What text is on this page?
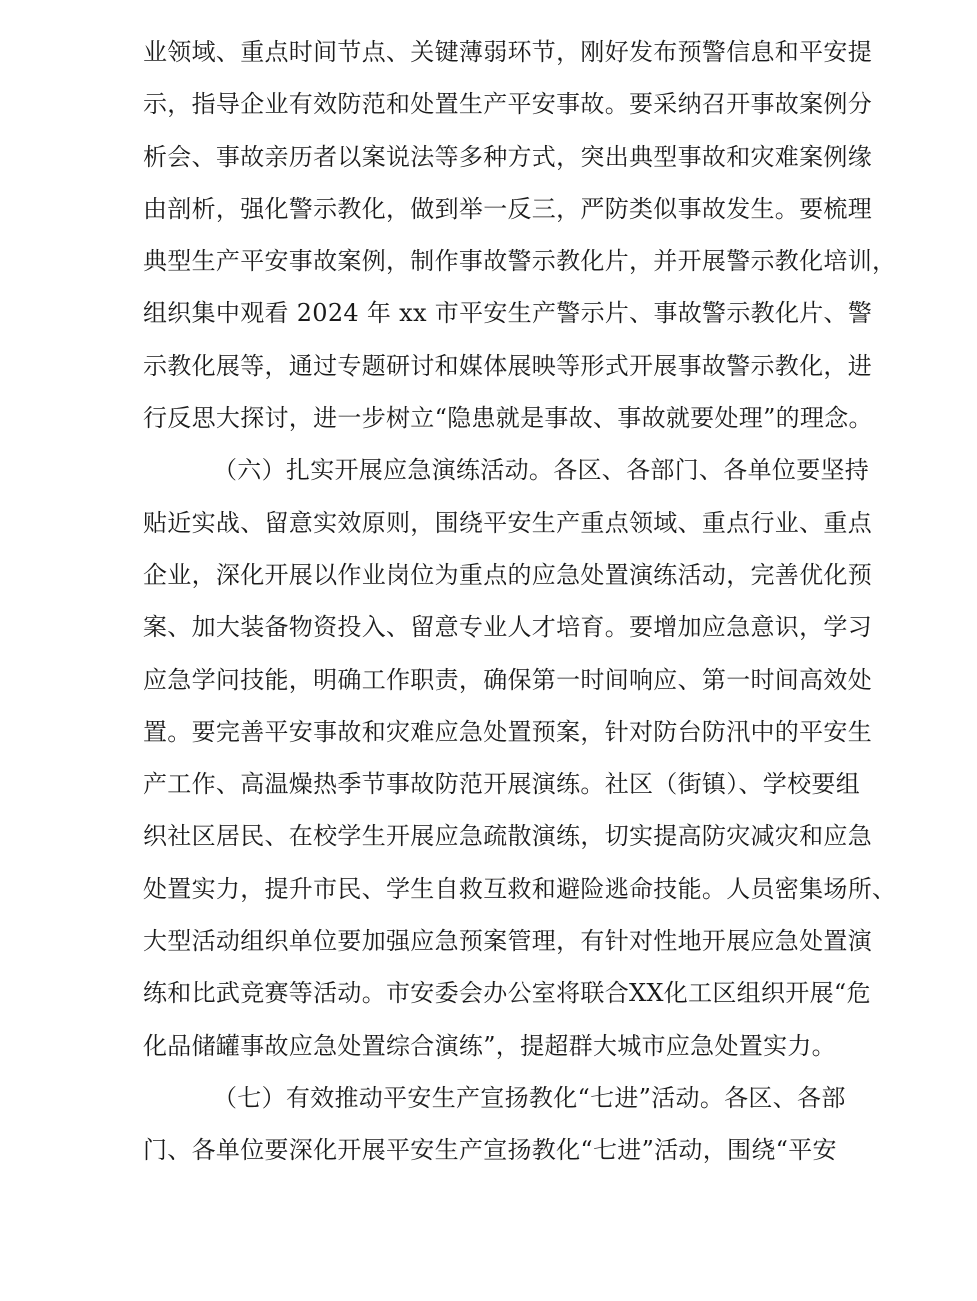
业领域、重点时间节点、关键薄弱环节，刚好发布预警信息和平安提
示，指导企业有效防范和处置生产平安事故。要采纳召开事故案例分
析会、事故亲历者以案说法等多种方式，突出典型事故和灾难案例缘
由剖析，强化警示教化，做到举一反三，严防类似事故发生。要梳理
典型生产平安事故案例，制作事故警示教化片，并开展警示教化培训，
组织集中观看 2024 年 xx 市平安生产警示片、事故警示教化片、警
示教化展等，通过专题研讨和媒体展映等形式开展事故警示教化，进
行反思大探讨，进一步树立“隐患就是事故、事故就要处理”的理念。
（六）扎实开展应急演练活动。各区、各部门、各单位要坚持
贴近实战、留意实效原则，围绕平安生产重点领域、重点行业、重点
企业，深化开展以作业岗位为重点的应急处置演练活动，完善优化预
案、加大装备物资投入、留意专业人才培育。要增加应急意识，学习
应急学问技能，明确工作职责，确保第一时间响应、第一时间高效处
置。要完善平安事故和灾难应急处置预案，针对防台防汛中的平安生
产工作、高温燥热季节事故防范开展演练。社区（街镇）、学校要组
织社区居民、在校学生开展应急疏散演练，切实提高防灾减灾和应急
处置实力，提升市民、学生自救互救和避险逃命技能。人员密集场所、
大型活动组织单位要加强应急预案管理，有针对性地开展应急处置演
练和比武竞赛等活动。市安委会办公室将联合XX化工区组织开展“危
化品储罐事故应急处置综合演练”，提超群大城市应急处置实力。
（七）有效推动平安生产宣扬教化“七进”活动。各区、各部
门、各单位要深化开展平安生产宣扬教化“七进”活动，围绕“平安
